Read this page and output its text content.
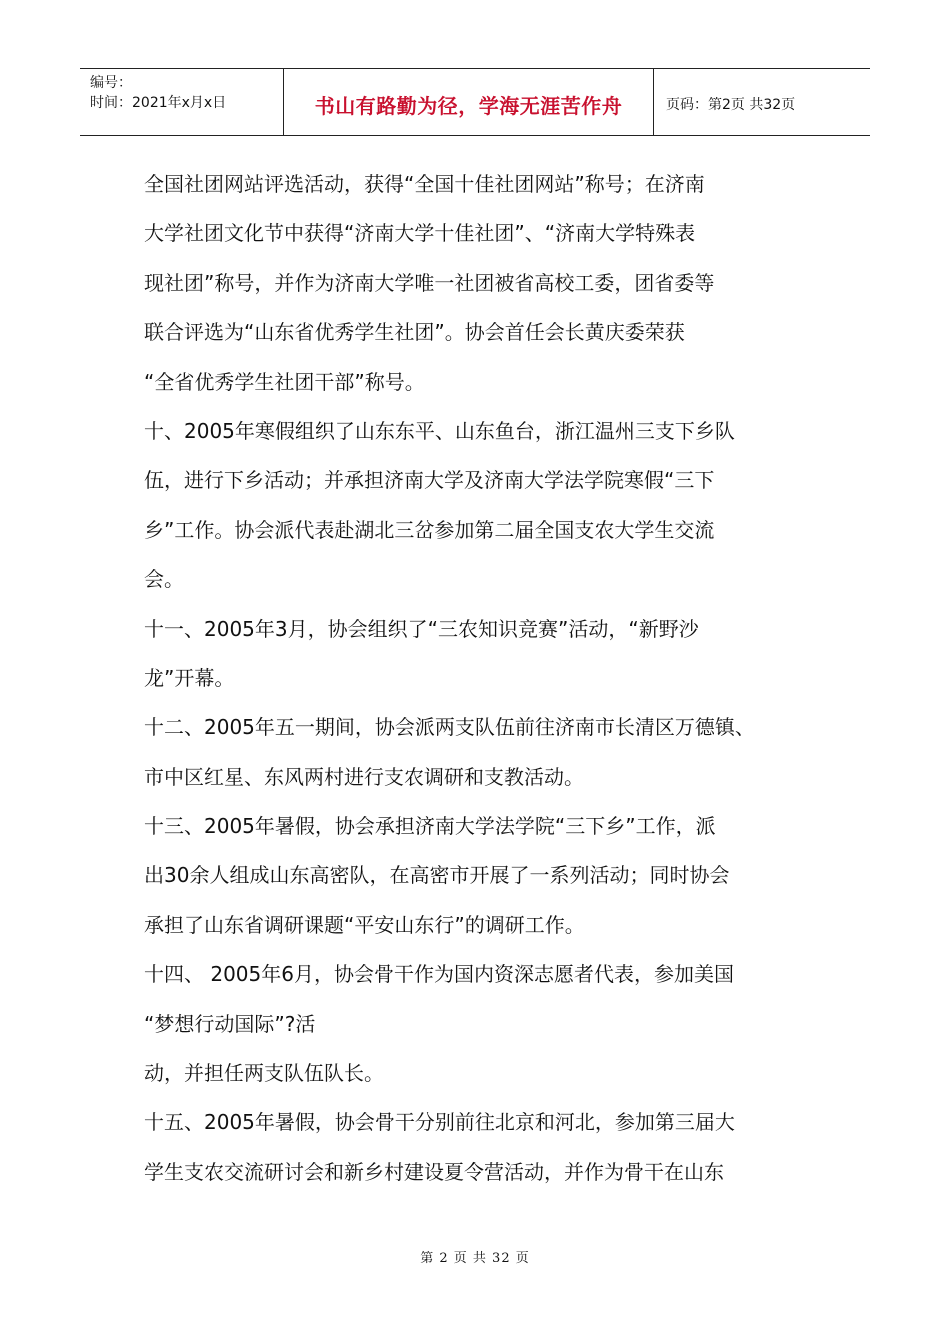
编号：
时间：2021年x月x日	书山有路勤为径，学海无涯苦作舟	页码：第2页 共32页
全国社团网站评选活动，获得“全国十佳社团网站”称号；在济南
大学社团文化节中获得“济南大学十佳社团”、“济南大学特殊表
现社团”称号，并作为济南大学唯一社团被省高校工委，团省委等
联合评选为“山东省优秀学生社团”。协会首任会长黄庆委荣获
“全省优秀学生社团干部”称号。
十、2005年寒假组织了山东东平、山东鱼台，浙江温州三支下乡队
伍，进行下乡活动；并承担济南大学及济南大学法学院寒假“三下
乡”工作。协会派代表赴湖北三岔参加第二届全国支农大学生交流
会。
十一、2005年3月，协会组织了“三农知识竞赛”活动，“新野沙
龙”开幕。
十二、2005年五一期间，协会派两支队伍前往济南市长清区万德镇、
市中区红星、东风两村进行支农调研和支教活动。
十三、2005年暑假，协会承担济南大学法学院“三下乡”工作，派
出30余人组成山东高密队，在高密市开展了一系列活动；同时协会
承担了山东省调研课题“平安山东行”的调研工作。
十四、 2005年6月，协会骨干作为国内资深志愿者代表，参加美国
“梦想行动国际”?活
动，并担任两支队伍队长。
十五、2005年暑假，协会骨干分别前往北京和河北，参加第三届大
学生支农交流研讨会和新乡村建设夏令营活动，并作为骨干在山东
第 2 页 共 32 页
